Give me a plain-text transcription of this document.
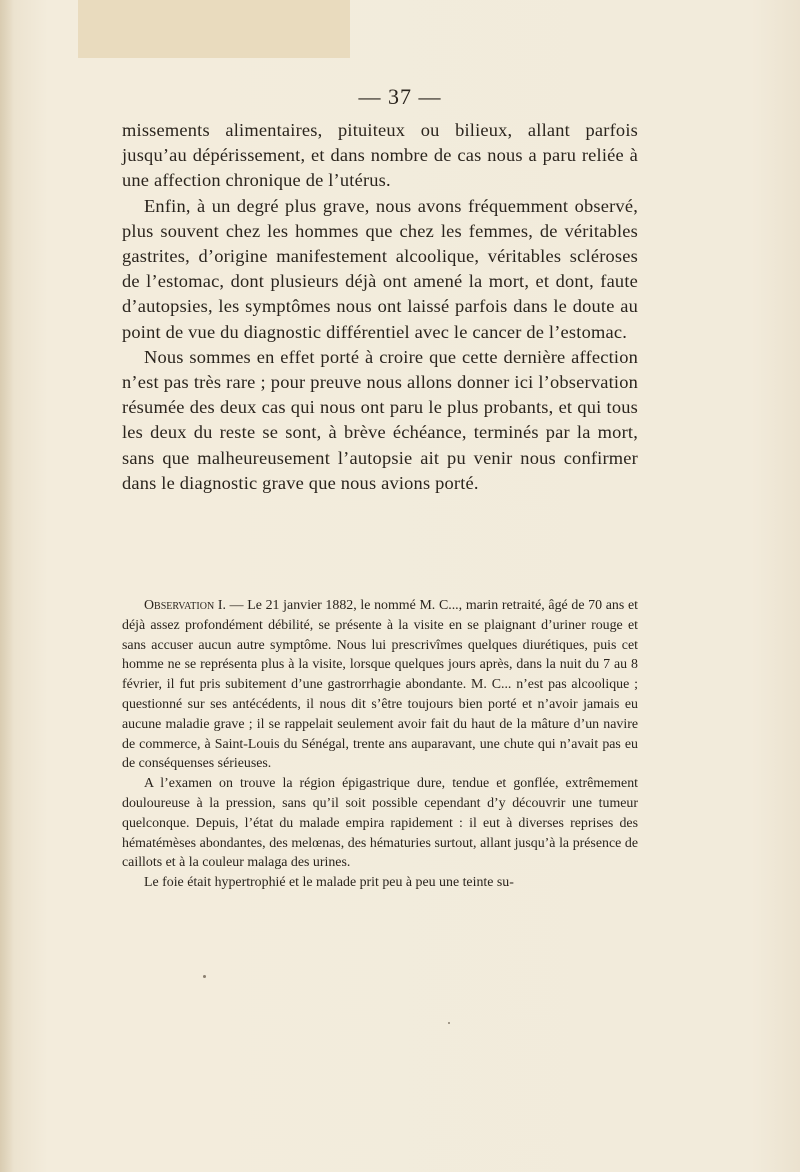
— 37 —

missements alimentaires, pituiteux ou bilieux, allant parfois jusqu’au dépérissement, et dans nombre de cas nous a paru reliée à une affection chronique de l’utérus.

Enfin, à un degré plus grave, nous avons fréquemment observé, plus souvent chez les hommes que chez les femmes, de véritables gastrites, d’origine manifestement alcoolique, véritables scléroses de l’estomac, dont plusieurs déjà ont amené la mort, et dont, faute d’autopsies, les symptômes nous ont laissé parfois dans le doute au point de vue du diagnostic différentiel avec le cancer de l’estomac.

Nous sommes en effet porté à croire que cette dernière affection n’est pas très rare ; pour preuve nous allons donner ici l’observation résumée des deux cas qui nous ont paru le plus probants, et qui tous les deux du reste se sont, à brève échéance, terminés par la mort, sans que malheureusement l’autopsie ait pu venir nous confirmer dans le diagnostic grave que nous avions porté.

Observation I. — Le 21 janvier 1882, le nommé M. C..., marin retraité, âgé de 70 ans et déjà assez profondément débilité, se présente à la visite en se plaignant d’uriner rouge et sans accuser aucun autre symptôme. Nous lui prescrivîmes quelques diurétiques, puis cet homme ne se représenta plus à la visite, lorsque quelques jours après, dans la nuit du 7 au 8 février, il fut pris subitement d’une gastrorrhagie abondante. M. C... n’est pas alcoolique ; questionné sur ses antécédents, il nous dit s’être toujours bien porté et n’avoir jamais eu aucune maladie grave ; il se rappelait seulement avoir fait du haut de la mâture d’un navire de commerce, à Saint-Louis du Sénégal, trente ans auparavant, une chute qui n’avait pas eu de conséquenses sérieuses.

A l’examen on trouve la région épigastrique dure, tendue et gonflée, extrêmement douloureuse à la pression, sans qu’il soit possible cependant d’y découvrir une tumeur quelconque. Depuis, l’état du malade empira rapidement : il eut à diverses reprises des hématémèses abondantes, des melœnas, des hématuries surtout, allant jusqu’à la présence de caillots et à la couleur malaga des urines.

Le foie était hypertrophié et le malade prit peu à peu une teinte su-
